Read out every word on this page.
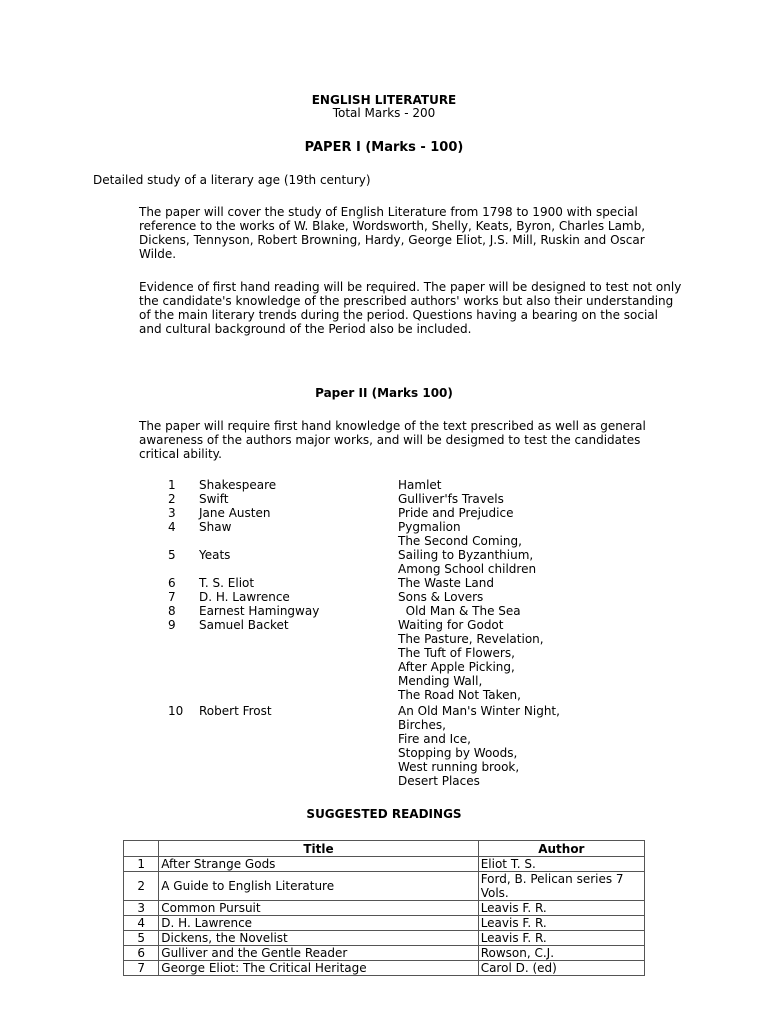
ENGLISH LITERATURE
Total Marks - 200
PAPER I (Marks - 100)
Detailed study of a literary age (19th century)
The paper will cover the study of English Literature from 1798 to 1900 with special reference to the works of W. Blake, Wordsworth, Shelly, Keats, Byron, Charles Lamb, Dickens, Tennyson, Robert Browning, Hardy, George Eliot, J.S. Mill, Ruskin and Oscar Wilde.
Evidence of first hand reading will be required. The paper will be designed to test not only the candidate's knowledge of the prescribed authors' works but also their understanding of the main literary trends during the period. Questions having a bearing on the social and cultural background of the Period also be included.
Paper II (Marks 100)
The paper will require first hand knowledge of the text prescribed as well as general awareness of the authors major works, and will be desigmed to test the candidates critical ability.
1	Shakespeare	Hamlet
2	Swift	Gulliver'fs Travels
3	Jane Austen	Pride and Prejudice
4	Shaw	Pygmalion
The Second Coming,
5	Yeats	Sailing to Byzanthium,
Among School children
6	T. S. Eliot	The Waste Land
7	D. H. Lawrence	Sons & Lovers
8	Earnest Hamingway	Old Man & The Sea
9	Samuel Backet	Waiting for Godot
The Pasture, Revelation,
The Tuft of Flowers,
After Apple Picking,
Mending Wall,
The Road Not Taken,
10	Robert Frost	An Old Man's Winter Night,
Birches,
Fire and Ice,
Stopping by Woods,
West running brook,
Desert Places
SUGGESTED READINGS
	Title	Author
1	After Strange Gods	Eliot T. S.
2	A Guide to English Literature	Ford, B. Pelican series 7 Vols.
3	Common Pursuit	Leavis F. R.
4	D. H. Lawrence	Leavis F. R.
5	Dickens, the Novelist	Leavis F. R.
6	Gulliver and the Gentle Reader	Rowson, C.J.
7	George Eliot: The Critical Heritage	Carol D. (ed)
